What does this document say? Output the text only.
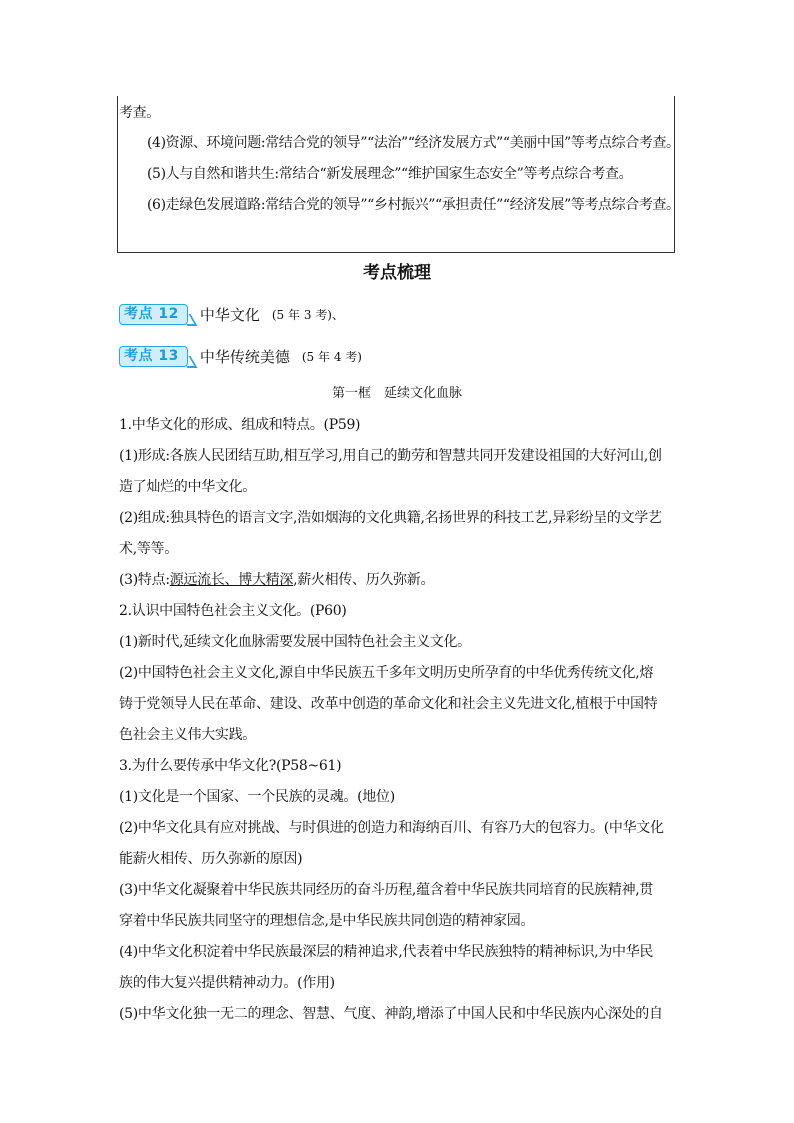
考查。
(4)资源、环境问题:常结合党的领导”“法治”“经济发展方式”“美丽中国”等考点综合考查。
(5)人与自然和谐共生:常结合“新发展理念”“维护国家生态安全”等考点综合考查。
(6)走绿色发展道路:常结合党的领导”“乡村振兴”“承担责任”“经济发展”等考点综合考查。
考点梳理
考点 12	中华文化 (5 年 3 考)、
考点 13	中华传统美德 (5 年 4 考)
第一框　延续文化血脉
1.中华文化的形成、组成和特点。(P59)
(1)形成:各族人民团结互助,相互学习,用自己的勤劳和智慧共同开发建设祖国的大好河山,创
造了灿烂的中华文化。
(2)组成:独具特色的语言文字,浩如烟海的文化典籍,名扬世界的科技工艺,异彩纷呈的文学艺
术,等等。
(3)特点:源远流长、博大精深,薪火相传、历久弥新。
2.认识中国特色社会主义文化。(P60)
(1)新时代,延续文化血脉需要发展中国特色社会主义文化。
(2)中国特色社会主义文化,源自中华民族五千多年文明历史所孕育的中华优秀传统文化,熔
铸于党领导人民在革命、建设、改革中创造的革命文化和社会主义先进文化,植根于中国特
色社会主义伟大实践。
3.为什么要传承中华文化?(P58~61)
(1)文化是一个国家、一个民族的灵魂。(地位)
(2)中华文化具有应对挑战、与时俱进的创造力和海纳百川、有容乃大的包容力。(中华文化
能薪火相传、历久弥新的原因)
(3)中华文化凝聚着中华民族共同经历的奋斗历程,蕴含着中华民族共同培育的民族精神,贯
穿着中华民族共同坚守的理想信念,是中华民族共同创造的精神家园。
(4)中华文化积淀着中华民族最深层的精神追求,代表着中华民族独特的精神标识,为中华民
族的伟大复兴提供精神动力。(作用)
(5)中华文化独一无二的理念、智慧、气度、神韵,增添了中国人民和中华民族内心深处的自
